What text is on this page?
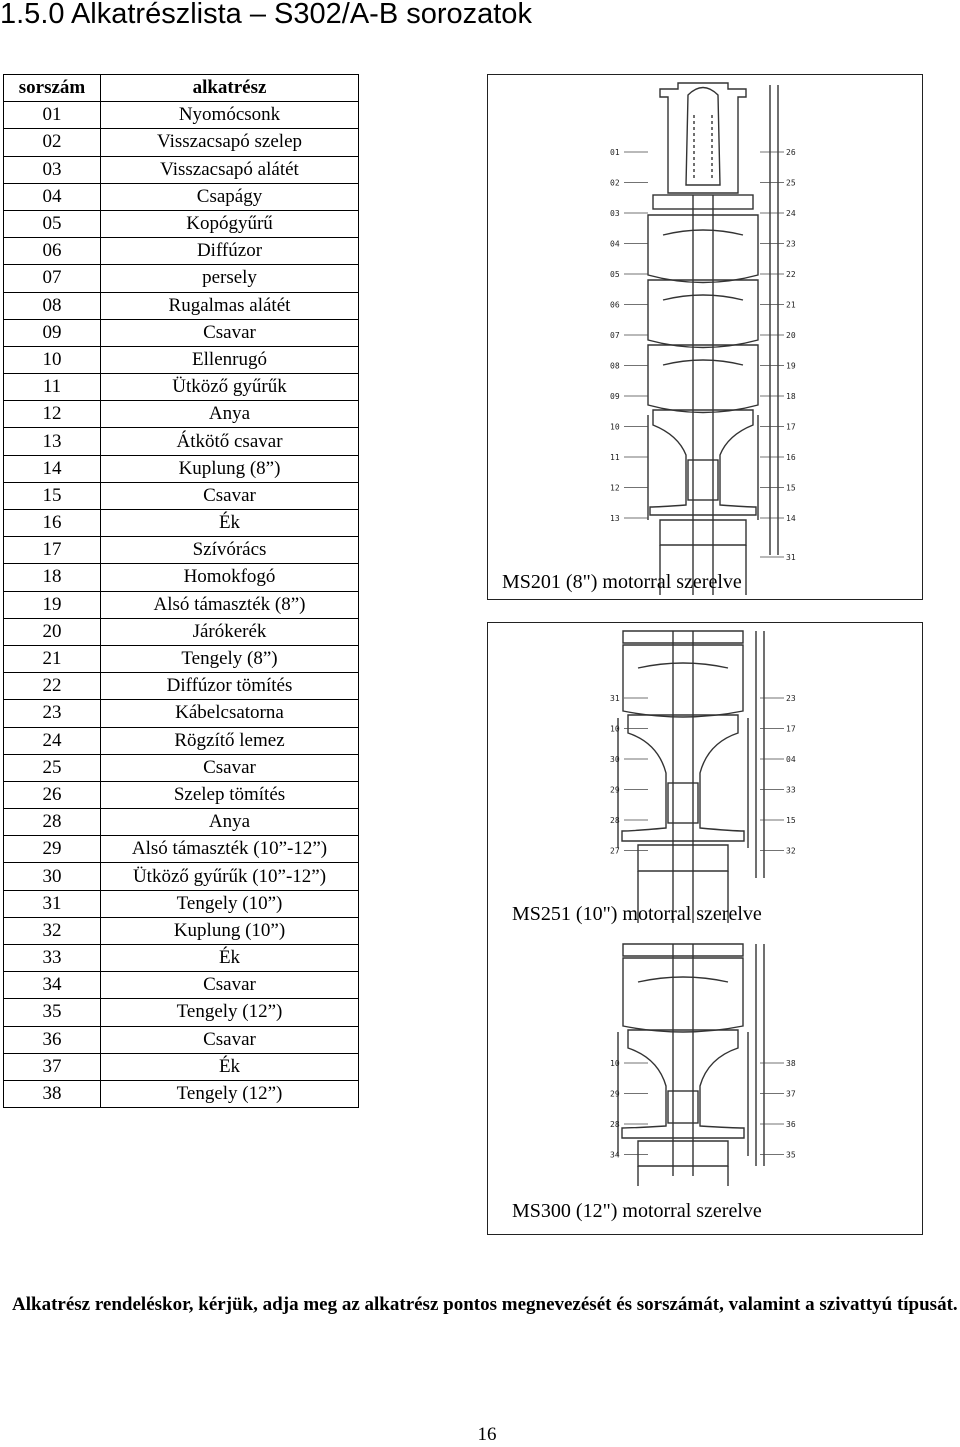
1.5.0 Alkatrészlista – S302/A-B sorozatok
sorszám	alkatrész
01	Nyomócsonk
02	Visszacsapó szelep
03	Visszacsapó alátét
04	Csapágy
05	Kopógyűrű
06	Diffúzor
07	persely
08	Rugalmas alátét
09	Csavar
10	Ellenrugó
11	Ütköző gyűrűk
12	Anya
13	Átkötő csavar
14	Kuplung (8”)
15	Csavar
16	Ék
17	Szívórács
18	Homokfogó
19	Alsó támaszték (8”)
20	Járókerék
21	Tengely (8”)
22	Diffúzor tömítés
23	Kábelcsatorna
24	Rögzítő lemez
25	Csavar
26	Szelep tömítés
28	Anya
29	Alsó támaszték (10”-12”)
30	Ütköző gyűrűk (10”-12”)
31	Tengely (10”)
32	Kuplung (10”)
33	Ék
34	Csavar
35	Tengely (12”)
36	Csavar
37	Ék
38	Tengely (12”)
01
02
03
04
05
06
07
08
09
10
11
12
13
26
25
24
23
22
21
20
19
18
17
16
15
14
31
MS201 (8") motorral szerelve
31
10
30
29
28
27
23
17
04
33
15
32
MS251 (10") motorral szerelve
10
29
28
34
38
37
36
35
MS300 (12") motorral szerelve
Alkatrész rendeléskor, kérjük, adja meg az alkatrész pontos megnevezését és sorszámát, valamint a szivattyú típusát.
16
